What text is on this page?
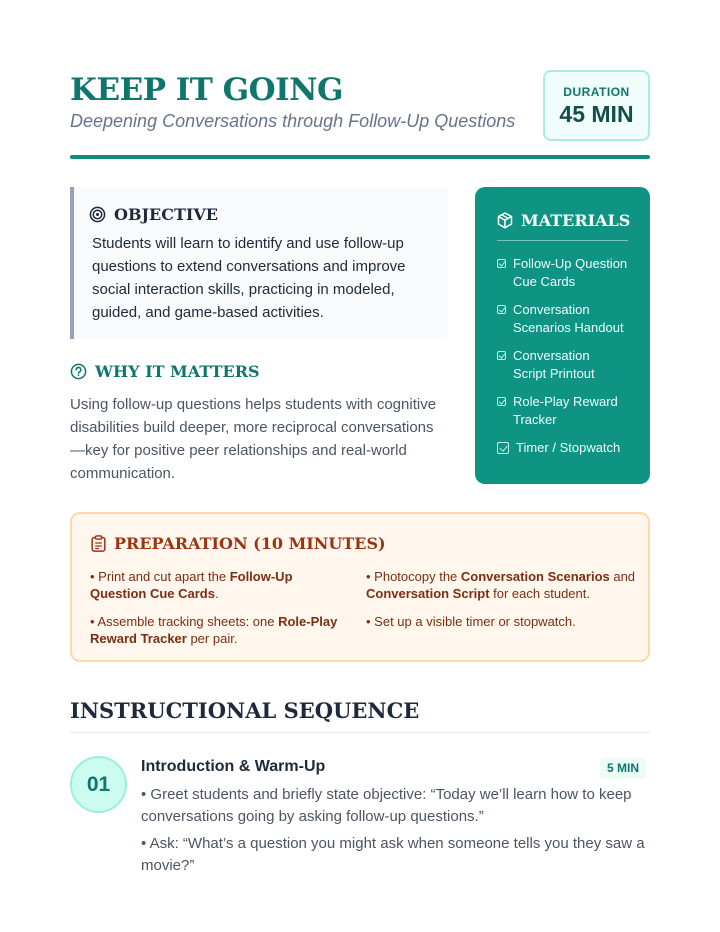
KEEP IT GOING
Deepening Conversations through Follow-Up Questions
DURATION
45 MIN
OBJECTIVE

Students will learn to identify and use follow-up questions to extend conversations and improve social interaction skills, practicing in modeled, guided, and game-based activities.

WHY IT MATTERS

Using follow-up questions helps students with cognitive disabilities build deeper, more reciprocal conversations —key for positive peer relationships and real-world communication.

MATERIALS
Follow-Up Question Cue Cards
Conversation Scenarios Handout
Conversation Script Printout
Role-Play Reward Tracker
Timer / Stopwatch
PREPARATION (10 MINUTES)
• Print and cut apart the Follow-Up Question Cue Cards.
• Photocopy the Conversation Scenarios and Conversation Script for each student.
• Assemble tracking sheets: one Role-Play Reward Tracker per pair.
• Set up a visible timer or stopwatch.
INSTRUCTIONAL SEQUENCE
01
Introduction & Warm-Up	5 MIN
• Greet students and briefly state objective: “Today we’ll learn how to keep conversations going by asking follow-up questions.”
• Ask: “What’s a question you might ask when someone tells you they saw a movie?”
